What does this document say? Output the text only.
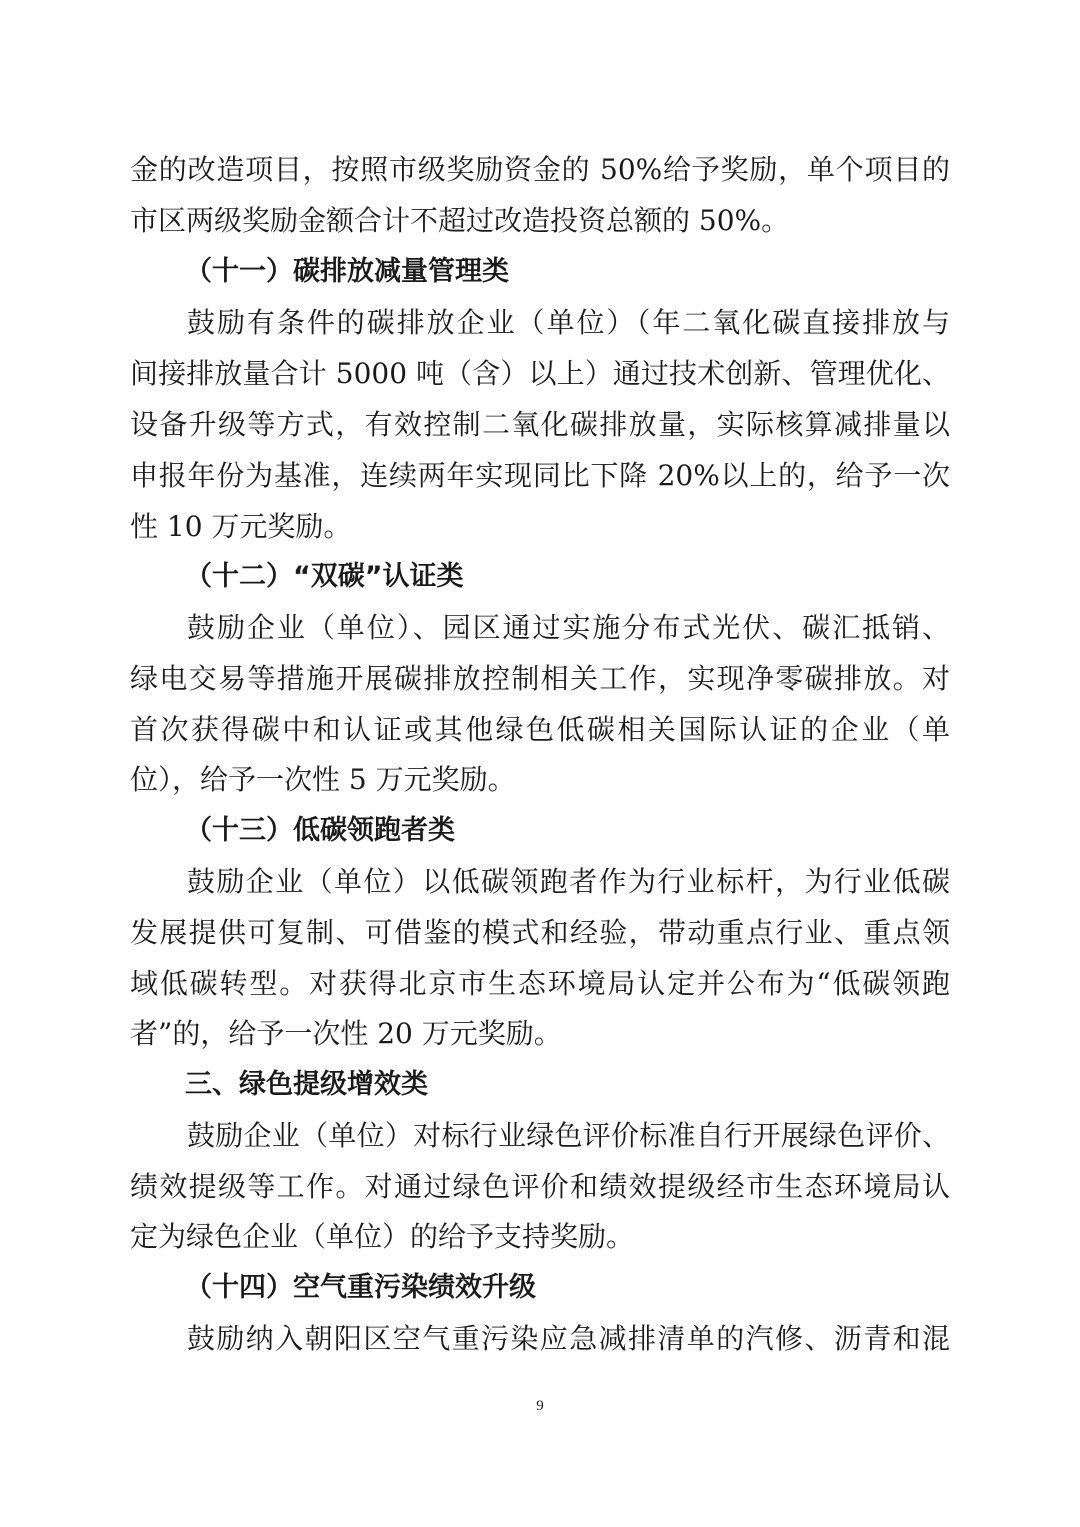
金的改造项目，按照市级奖励资金的 50%给予奖励，单个项目的
市区两级奖励金额合计不超过改造投资总额的 50%。
（十一）碳排放减量管理类
鼓励有条件的碳排放企业（单位）（年二氧化碳直接排放与
间接排放量合计 5000 吨（含）以上）通过技术创新、管理优化、
设备升级等方式，有效控制二氧化碳排放量，实际核算减排量以
申报年份为基准，连续两年实现同比下降 20%以上的，给予一次
性 10 万元奖励。
（十二）“双碳”认证类
鼓励企业（单位）、园区通过实施分布式光伏、碳汇抵销、
绿电交易等措施开展碳排放控制相关工作，实现净零碳排放。对
首次获得碳中和认证或其他绿色低碳相关国际认证的企业（单
位），给予一次性 5 万元奖励。
（十三）低碳领跑者类
鼓励企业（单位）以低碳领跑者作为行业标杆，为行业低碳
发展提供可复制、可借鉴的模式和经验，带动重点行业、重点领
域低碳转型。对获得北京市生态环境局认定并公布为“低碳领跑
者”的，给予一次性 20 万元奖励。
三、绿色提级增效类
鼓励企业（单位）对标行业绿色评价标准自行开展绿色评价、
绩效提级等工作。对通过绿色评价和绩效提级经市生态环境局认
定为绿色企业（单位）的给予支持奖励。
（十四）空气重污染绩效升级
鼓励纳入朝阳区空气重污染应急减排清单的汽修、沥青和混
9
